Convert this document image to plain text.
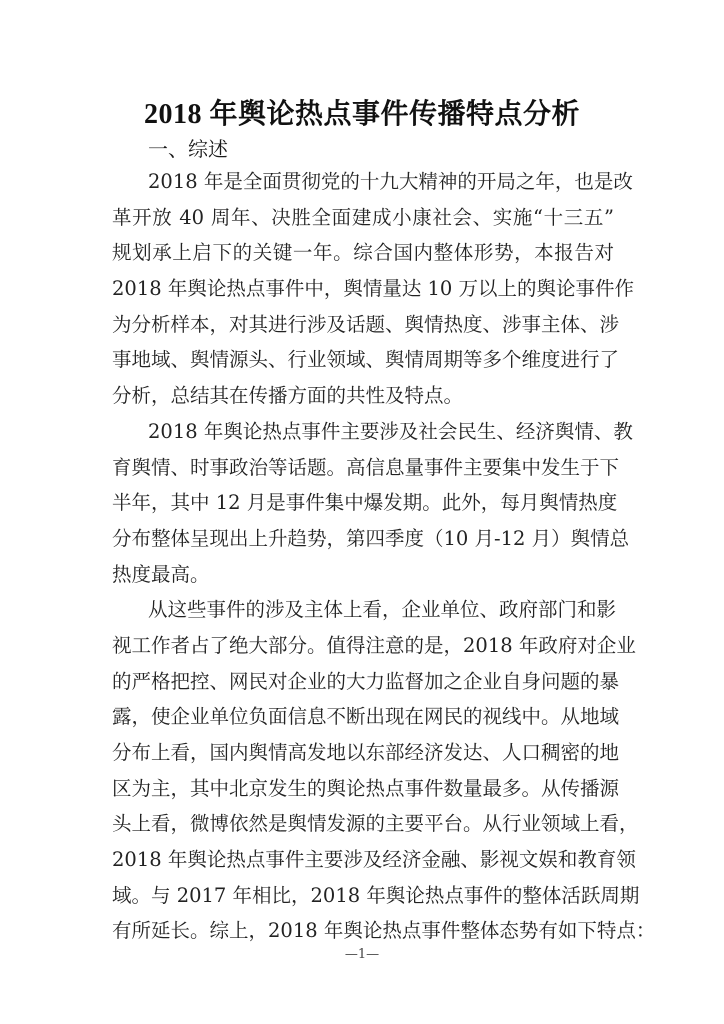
2018 年舆论热点事件传播特点分析
一、综述
2018 年是全面贯彻党的十九大精神的开局之年，也是改
革开放 40 周年、决胜全面建成小康社会、实施“十三五”
规划承上启下的关键一年。综合国内整体形势，本报告对
2018 年舆论热点事件中，舆情量达 10 万以上的舆论事件作
为分析样本，对其进行涉及话题、舆情热度、涉事主体、涉
事地域、舆情源头、行业领域、舆情周期等多个维度进行了
分析，总结其在传播方面的共性及特点。
2018 年舆论热点事件主要涉及社会民生、经济舆情、教
育舆情、时事政治等话题。高信息量事件主要集中发生于下
半年，其中 12 月是事件集中爆发期。此外，每月舆情热度
分布整体呈现出上升趋势，第四季度（10 月-12 月）舆情总
热度最高。
从这些事件的涉及主体上看，企业单位、政府部门和影
视工作者占了绝大部分。值得注意的是，2018 年政府对企业
的严格把控、网民对企业的大力监督加之企业自身问题的暴
露，使企业单位负面信息不断出现在网民的视线中。从地域
分布上看，国内舆情高发地以东部经济发达、人口稠密的地
区为主，其中北京发生的舆论热点事件数量最多。从传播源
头上看，微博依然是舆情发源的主要平台。从行业领域上看，
2018 年舆论热点事件主要涉及经济金融、影视文娱和教育领
域。与 2017 年相比，2018 年舆论热点事件的整体活跃周期
有所延长。综上，2018 年舆论热点事件整体态势有如下特点：
—1—
